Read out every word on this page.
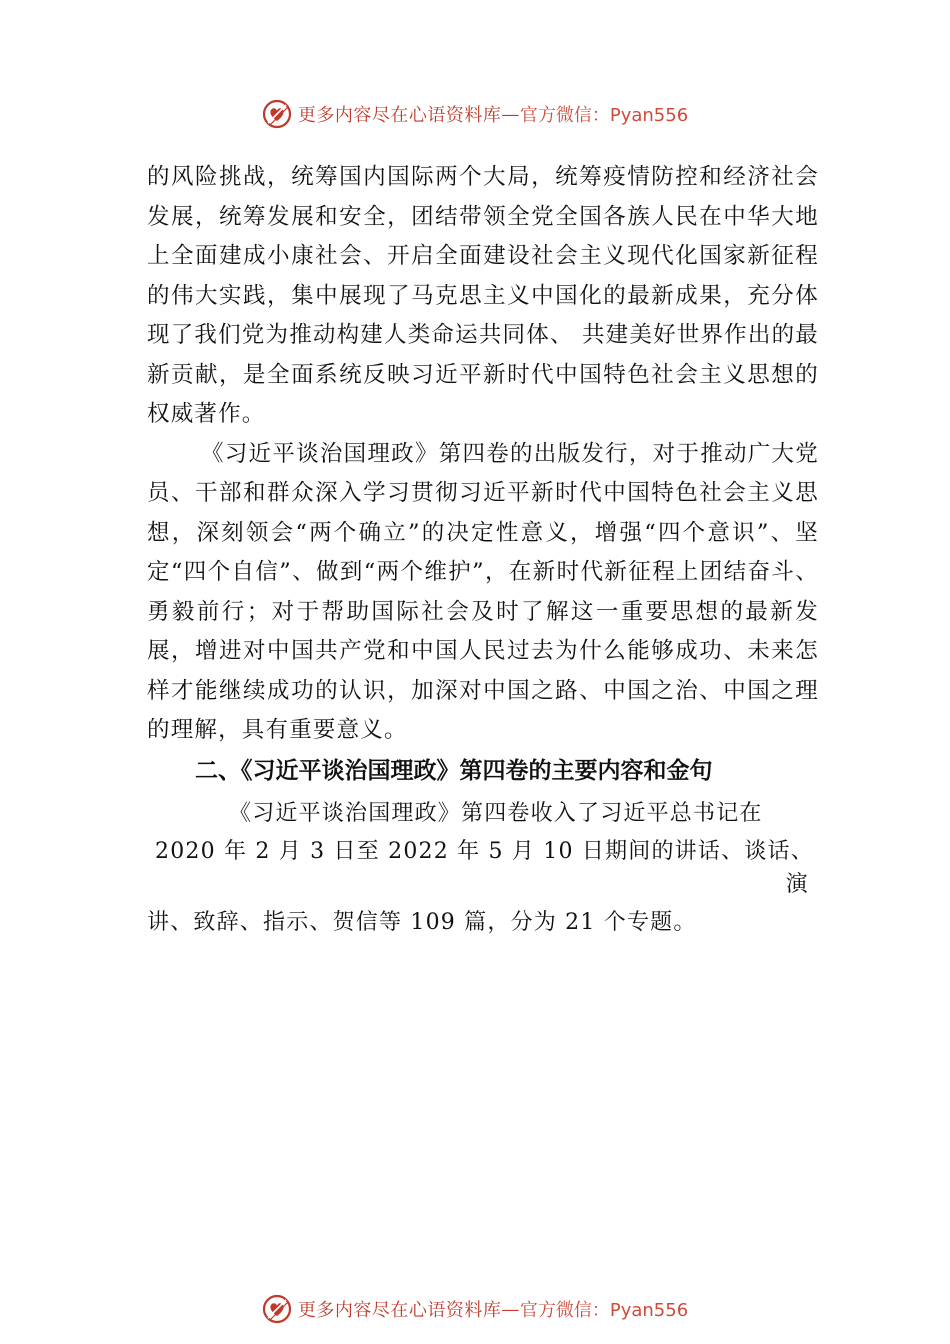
更多内容尽在心语资料库 — 官方微信：Pyan556

的风险挑战，统筹国内国际两个大局，统筹疫情防控和经济社会发展，统筹发展和安全，团结带领全党全国各族人民在中华大地上全面建成小康社会、开启全面建设社会主义现代化国家新征程的伟大实践，集中展现了马克思主义中国化的最新成果，充分体现了我们党为推动构建人类命运共同体、 共建美好世界作出的最新贡献，是全面系统反映习近平新时代中国特色社会主义思想的权威著作。

《习近平谈治国理政》第四卷的出版发行，对于推动广大党员、干部和群众深入学习贯彻习近平新时代中国特色社会主义思想，深刻领会“两个确立”的决定性意义，增强“四个意识”、坚定“四个自信”、做到“两个维护”，在新时代新征程上团结奋斗、勇毅前行；对于帮助国际社会及时了解这一重要思想的最新发展，增进对中国共产党和中国人民过去为什么能够成功、未来怎样才能继续成功的认识，加深对中国之路、中国之治、中国之理的理解，具有重要意义。

二、《习近平谈治国理政》第四卷的主要内容和金句

《习近平谈治国理政》第四卷收入了习近平总书记在
2020 年 2 月 3 日至 2022 年 5 月 10 日期间的讲话、谈话、
演
讲、致辞、指示、贺信等 109 篇，分为 21 个专题。
更多内容尽在心语资料库 — 官方微信：Pyan556
